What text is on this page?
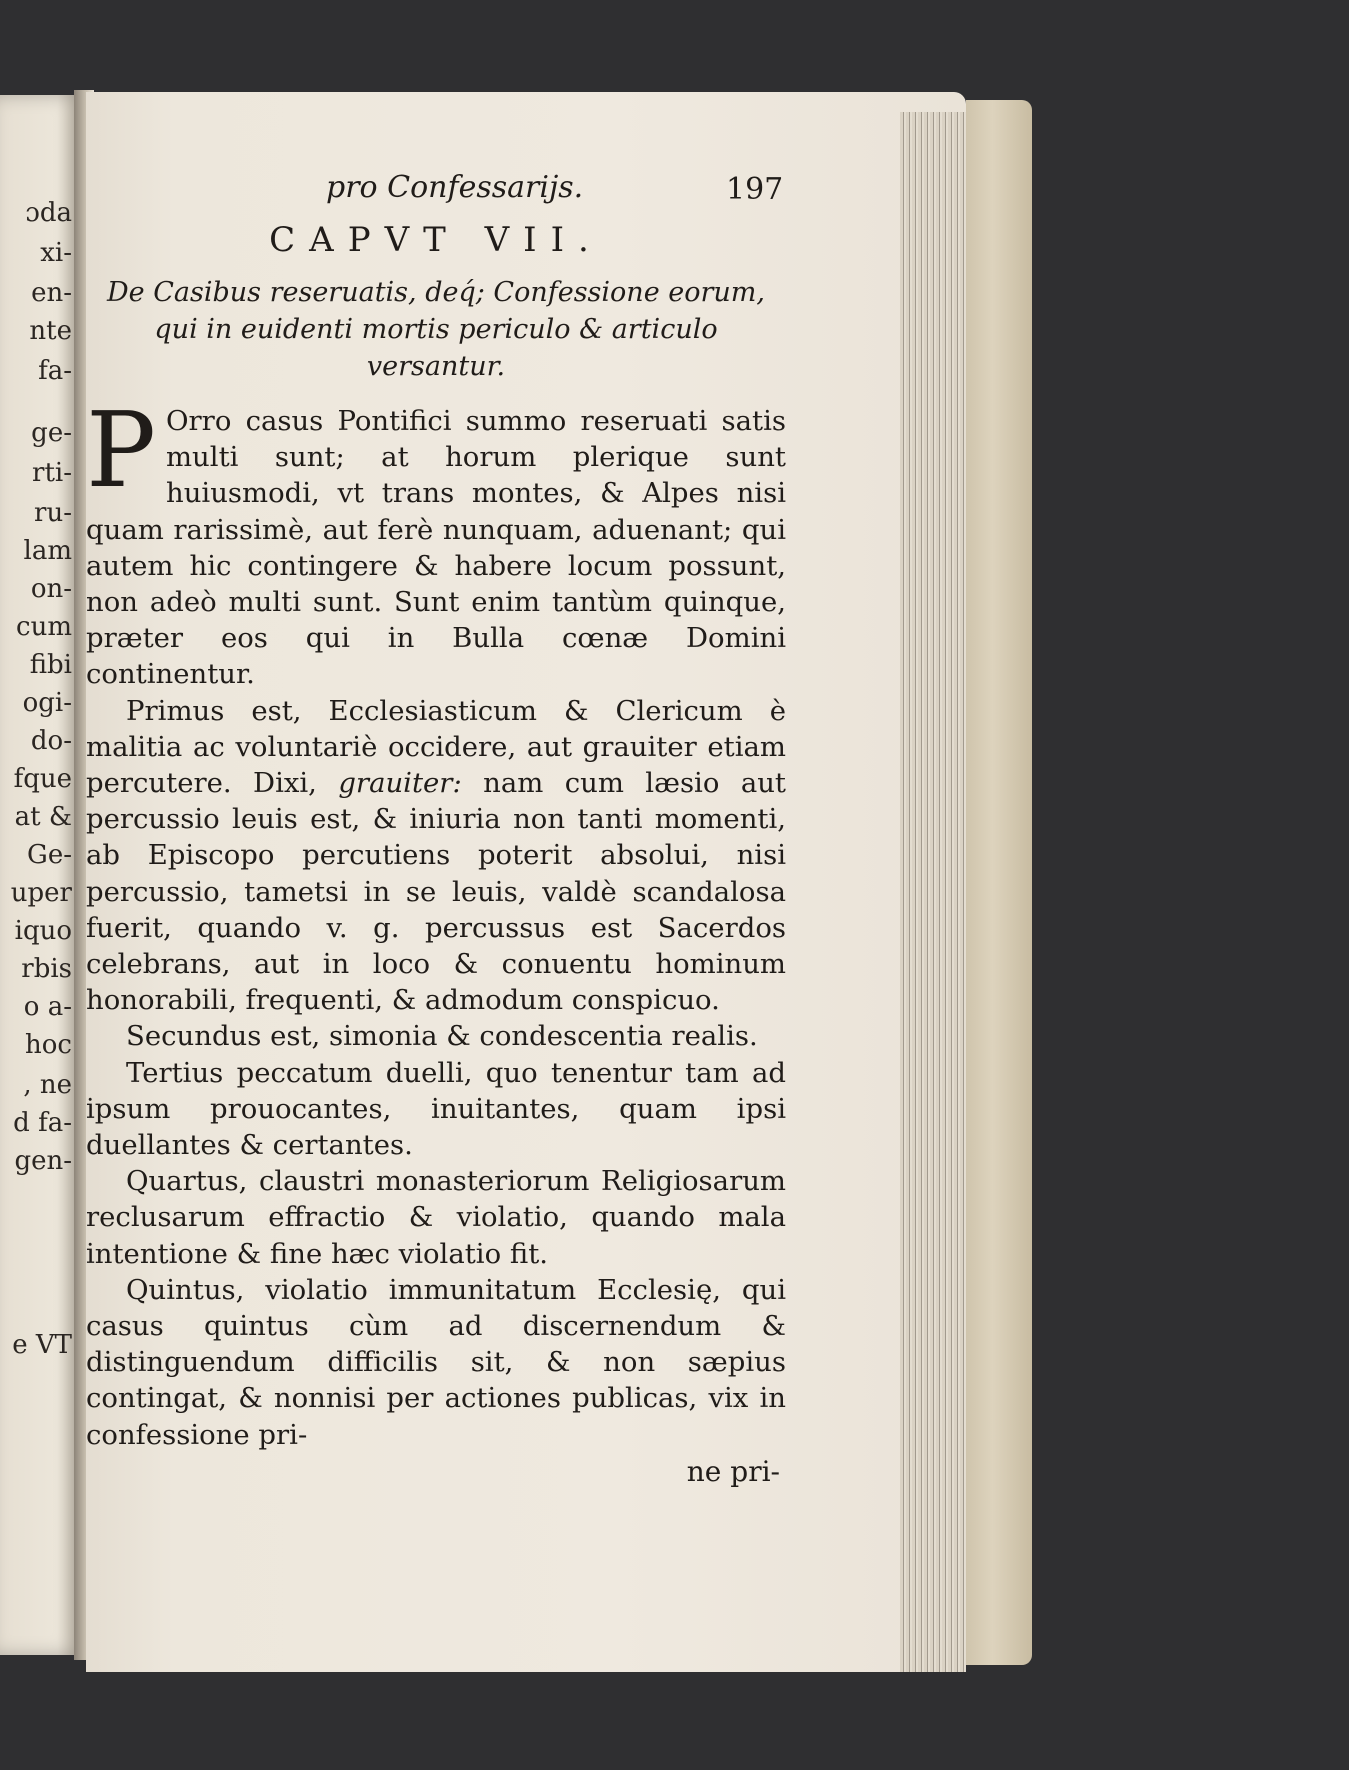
ɔda
xi-
en-
nte
fa-
ge-
rti-
ru-
lam
on-
cum
fibi
ogi-
do-
fque
at &
Ge-
uper
iquo
rbis
o a-
hoc
, ne
d fa-
gen-
e VT
pro Confessarijs.	197
CAPVT VII.
De Casibus reseruatis, deq́; Confessione eorum, qui in euidenti mortis periculo & articulo versantur.

P Orro casus Pontifici summo reseruati satis multi sunt; at horum plerique sunt huiusmodi, vt trans montes, & Alpes nisi quam rarissimè, aut ferè nunquam, aduenant; qui autem hic contingere & habere locum possunt, non adeò multi sunt. Sunt enim tantùm quinque, præter eos qui in Bulla cœnæ Domini continentur.

Primus est, Ecclesiasticum & Clericum è malitia ac voluntariè occidere, aut grauiter etiam percutere. Dixi, grauiter: nam cum læsio aut percussio leuis est, & iniuria non tanti momenti, ab Episcopo percutiens poterit absolui, nisi percussio, tametsi in se leuis, valdè scandalosa fuerit, quando v. g. percussus est Sacerdos celebrans, aut in loco & conuentu hominum honorabili, frequenti, & admodum conspicuo.

Secundus est, simonia & condescentia realis.

Tertius peccatum duelli, quo tenentur tam ad ipsum prouocantes, inuitantes, quam ipsi duellantes & certantes.

Quartus, claustri monasteriorum Religiosarum reclusarum effractio & violatio, quando mala intentione & fine hæc violatio fit.

Quintus, violatio immunitatum Ecclesię, qui casus quintus cùm ad discernendum & distinguendum difficilis sit, & non sæpius contingat, & nonnisi per actiones publicas, vix in confessione pri-

ne pri-
